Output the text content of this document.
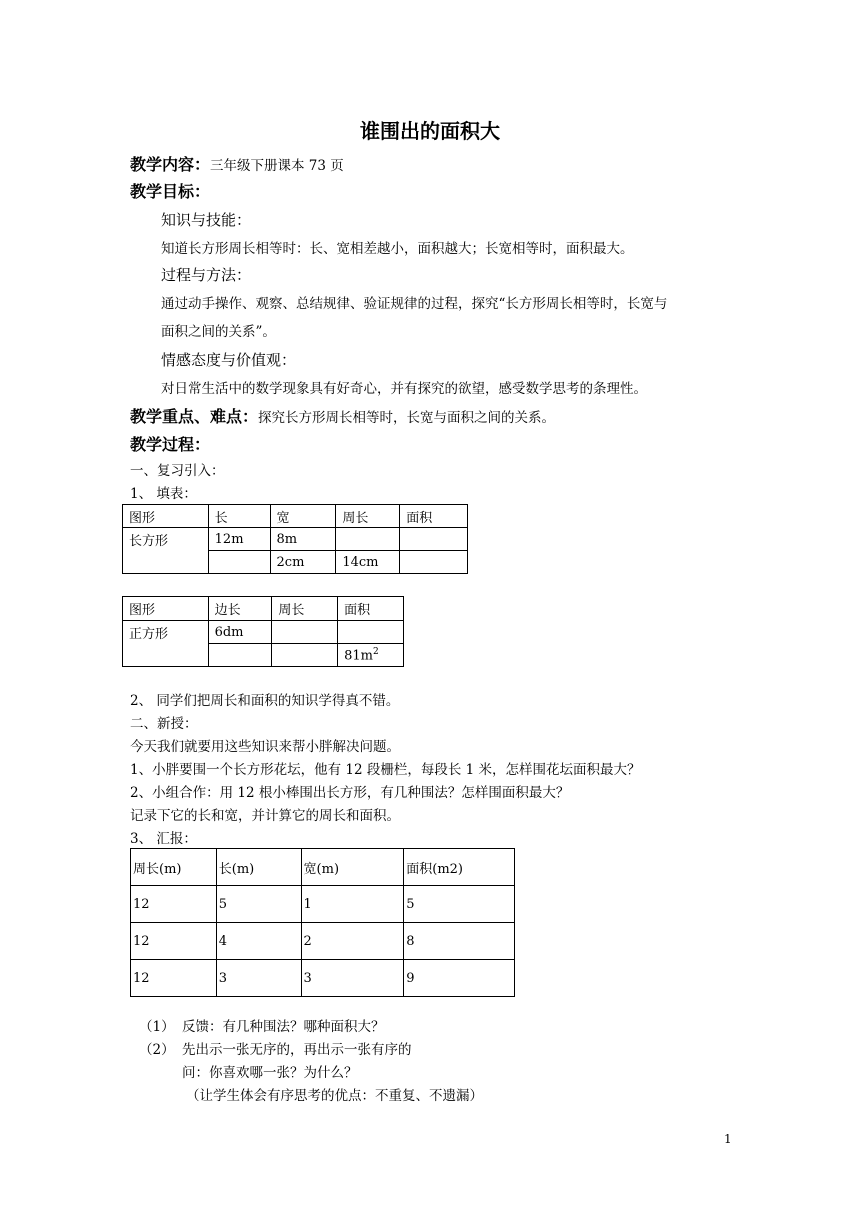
谁围出的面积大
教学内容：三年级下册课本 73 页
教学目标：
知识与技能：
知道长方形周长相等时：长、宽相差越小，面积越大；长宽相等时，面积最大。
过程与方法：
通过动手操作、观察、总结规律、验证规律的过程，探究“长方形周长相等时，长宽与
面积之间的关系”。
情感态度与价值观：
对日常生活中的数学现象具有好奇心，并有探究的欲望，感受数学思考的条理性。
教学重点、难点：探究长方形周长相等时，长宽与面积之间的关系。
教学过程：
一、复习引入：
1、 填表：
图形	长	宽	周长	面积
长方形	12m	8m		
		2cm	14cm	
图形	边长	周长	面积
正方形	6dm		
			$81m^2$
2、 同学们把周长和面积的知识学得真不错。
二、新授：
今天我们就要用这些知识来帮小胖解决问题。
1、小胖要围一个长方形花坛，他有 12 段栅栏，每段长 1 米，怎样围花坛面积最大？
2、小组合作：用 12 根小棒围出长方形，有几种围法？怎样围面积最大？
记录下它的长和宽，并计算它的周长和面积。
3、 汇报：
周长(m)	长(m)	宽(m)	面积(m2)
12	5	1	5
12	4	2	8
12	3	3	9
（1） 反馈：有几种围法？哪种面积大？
（2） 先出示一张无序的，再出示一张有序的
问：你喜欢哪一张？为什么？
（让学生体会有序思考的优点：不重复、不遗漏）
1
